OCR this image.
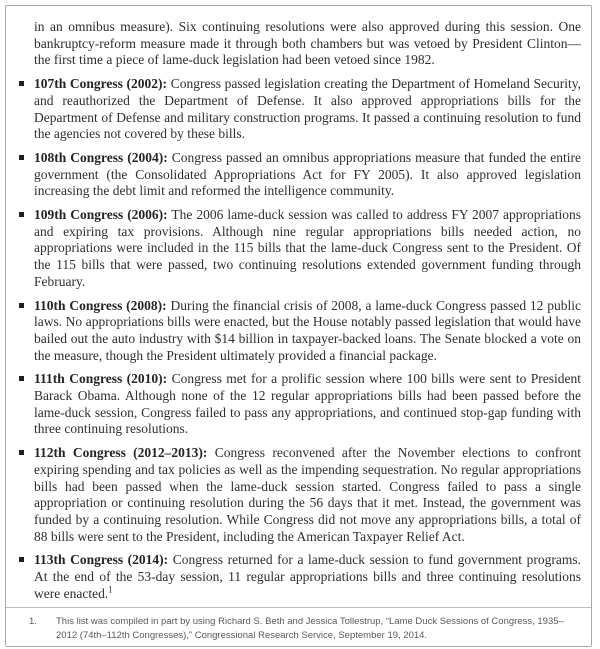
in an omnibus measure). Six continuing resolutions were also approved during this session. One bankruptcy-reform measure made it through both chambers but was vetoed by President Clinton—the first time a piece of lame-duck legislation had been vetoed since 1982.

107th Congress (2002): Congress passed legislation creating the Department of Homeland Security, and reauthorized the Department of Defense. It also approved appropriations bills for the Department of Defense and military construction programs. It passed a continuing resolution to fund the agencies not covered by these bills.
108th Congress (2004): Congress passed an omnibus appropriations measure that funded the entire government (the Consolidated Appropriations Act for FY 2005). It also approved legislation increasing the debt limit and reformed the intelligence community.
109th Congress (2006): The 2006 lame-duck session was called to address FY 2007 appropriations and expiring tax provisions. Although nine regular appropriations bills needed action, no appropriations were included in the 115 bills that the lame-duck Congress sent to the President. Of the 115 bills that were passed, two continuing resolutions extended government funding through February.
110th Congress (2008): During the financial crisis of 2008, a lame-duck Congress passed 12 public laws. No appropriations bills were enacted, but the House notably passed legislation that would have bailed out the auto industry with $14 billion in taxpayer-backed loans. The Senate blocked a vote on the measure, though the President ultimately provided a financial package.
111th Congress (2010): Congress met for a prolific session where 100 bills were sent to President Barack Obama. Although none of the 12 regular appropriations bills had been passed before the lame-duck session, Congress failed to pass any appropriations, and continued stop-gap funding with three continuing resolutions.
112th Congress (2012–2013): Congress reconvened after the November elections to confront expiring spending and tax policies as well as the impending sequestration. No regular appropriations bills had been passed when the lame-duck session started. Congress failed to pass a single appropriation or continuing resolution during the 56 days that it met. Instead, the government was funded by a continuing resolution. While Congress did not move any appropriations bills, a total of 88 bills were sent to the President, including the American Taxpayer Relief Act.
113th Congress (2014): Congress returned for a lame-duck session to fund government programs. At the end of the 53-day session, 11 regular appropriations bills and three continuing resolutions were enacted.$^1$
1.	This list was compiled in part by using Richard S. Beth and Jessica Tollestrup, “Lame Duck Sessions of Congress, 1935–2012 (74th–112th Congresses),” Congressional Research Service, September 19, 2014.
